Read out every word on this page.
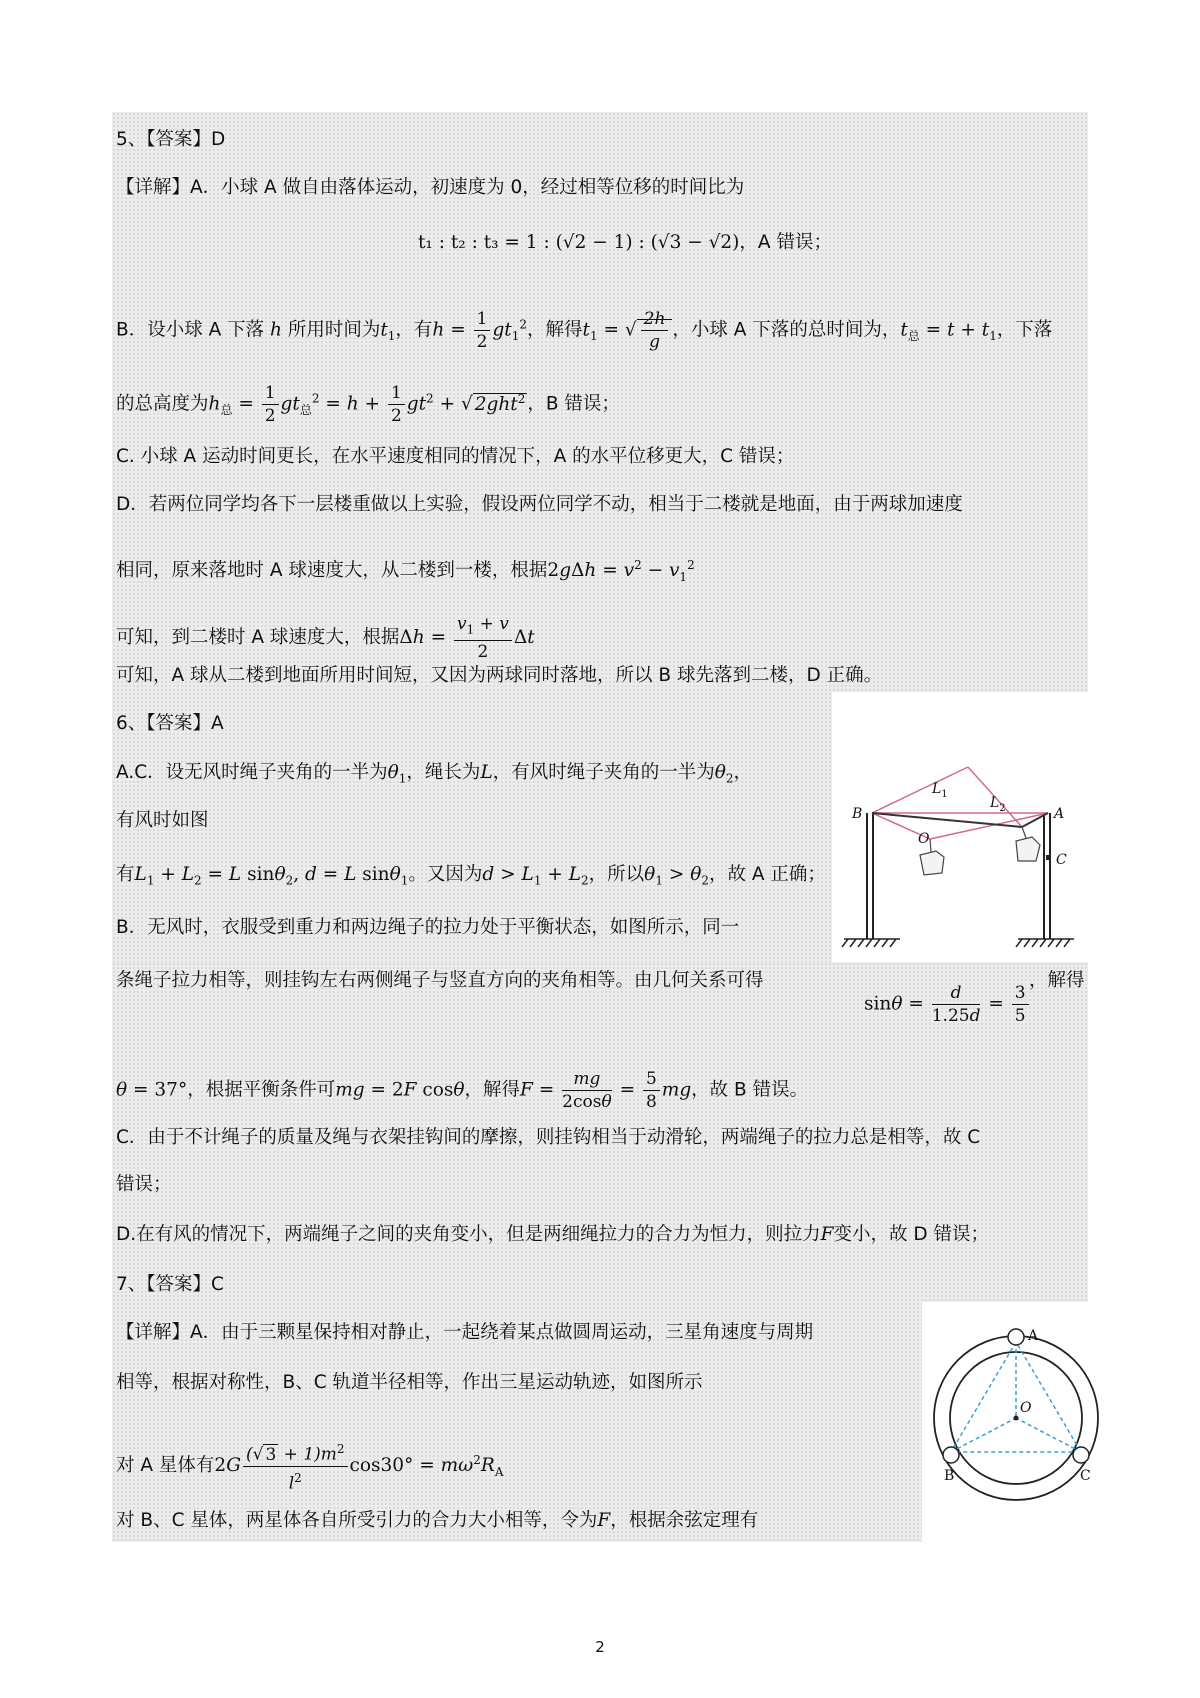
5、【答案】D
【详解】A．小球 A 做自由落体运动，初速度为 0，经过相等位移的时间比为
t₁ : t₂ : t₃ = 1 : (√2 − 1) : (√3 − √2)，A 错误；
B．设小球 A 下落 h 所用时间为$t_1$，有$h = \frac{1}{2} gt_1^2$，解得$t_1$ = √ $\frac{2h}{g}$ ，小球 A 下落的总时间为，$t_总 = t + t_1$，下落
的总高度为$h_总 = \frac{1}{2} gt_总^2 = h + \frac{1}{2} gt^2$ + √ 2ght$^2$ ，B 错误；
C. 小球 A 运动时间更长，在水平速度相同的情况下，A 的水平位移更大，C 错误；
D．若两位同学均各下一层楼重做以上实验，假设两位同学不动，相当于二楼就是地面，由于两球加速度
相同，原来落地时 A 球速度大，从二楼到一楼，根据$2g\Delta h = v^2 - v_1^2$
可知，到二楼时 A 球速度大，根据$\Delta h = \frac{v_1 + v}{2}$ Δt
可知，A 球从二楼到地面所用时间短，又因为两球同时落地，所以 B 球先落到二楼，D 正确。
6、【答案】A
A.C．设无风时绳子夹角的一半为$\theta_1$，绳长为L，有风时绳子夹角的一半为$\theta_2$，
有风时如图
有$L_1 + L_2 = L$ sinθ$_2$, d = L sinθ$_1$。又因为$d > L_1 + L_2$，所以$\theta_1 > \theta_2$，故 A 正确；
B．无风时，衣服受到重力和两边绳子的拉力处于平衡状态，如图所示，同一
条绳子拉力相等，则挂钩左右两侧绳子与竖直方向的夹角相等。由几何关系可得	，解得
$\sin\theta = \frac{d}{1.25d} = \frac{3}{5}$
θ = 37°，根据平衡条件可mg = 2F cosθ，解得$F = \frac{mg}{2\cos\theta} = \frac{5}{8}$ mg，故 B 错误。
C．由于不计绳子的质量及绳与衣架挂钩间的摩擦，则挂钩相当于动滑轮，两端绳子的拉力总是相等，故 C
错误；
D.在有风的情况下，两端绳子之间的夹角变小，但是两细绳拉力的合力为恒力，则拉力F变小，故 D 错误；
7、【答案】C
【详解】A．由于三颗星保持相对静止，一起绕着某点做圆周运动，三星角速度与周期
相等，根据对称性，B、C 轨道半径相等，作出三星运动轨迹，如图所示
对 A 星体有$2G \frac{(√ 3 + 1)m^2}{l^2} \cos 30^\circ = m\omega^2R_A$
对 B、C 星体，两星体各自所受引力的合力大小相等，令为F，根据余弦定理有
$L_1$
$L_2$
B	A
O
C
A
O
B	C
2
